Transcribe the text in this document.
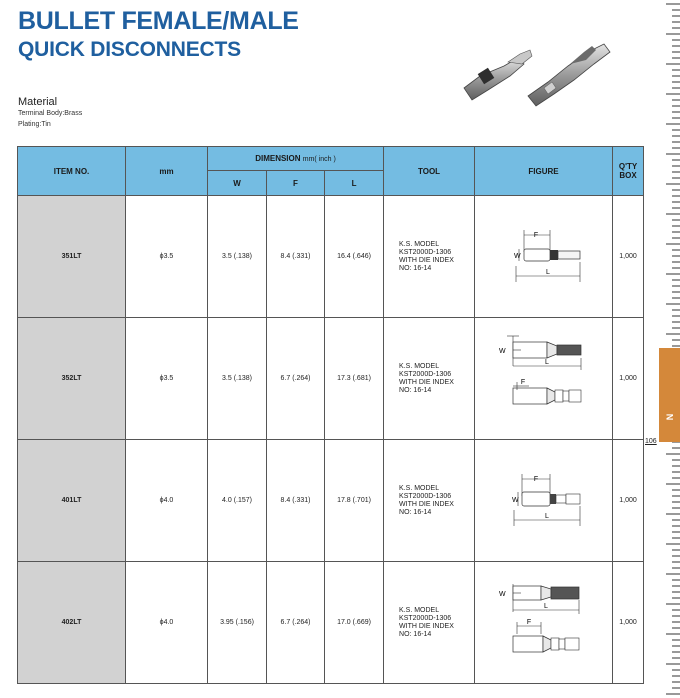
BULLET FEMALE/MALE
QUICK DISCONNECTS
Material
Terminal Body:Brass
Plating:Tin
ITEM NO.	mm	DIMENSION mm( inch )			TOOL	FIGURE	Q'TY
BOX
		W	F	L			
351LT	ϕ3.5	3.5 (.138)	8.4 (.331)	16.4 (.646)	K.S. MODEL
KST2000D-1306
WITH DIE INDEX
NO: 16-14	F
W
L	1,000
352LT	ϕ3.5	3.5 (.138)	6.7 (.264)	17.3 (.681)	K.S. MODEL
KST2000D-1306
WITH DIE INDEX
NO: 16-14	W
L
F	1,000
401LT	ϕ4.0	4.0 (.157)	8.4 (.331)	17.8 (.701)	K.S. MODEL
KST2000D-1306
WITH DIE INDEX
NO: 16-14	F
W
L	1,000
402LT	ϕ4.0	3.95 (.156)	6.7 (.264)	17.0 (.669)	K.S. MODEL
KST2000D-1306
WITH DIE INDEX
NO: 16-14	W
L
F	1,000
N
106
